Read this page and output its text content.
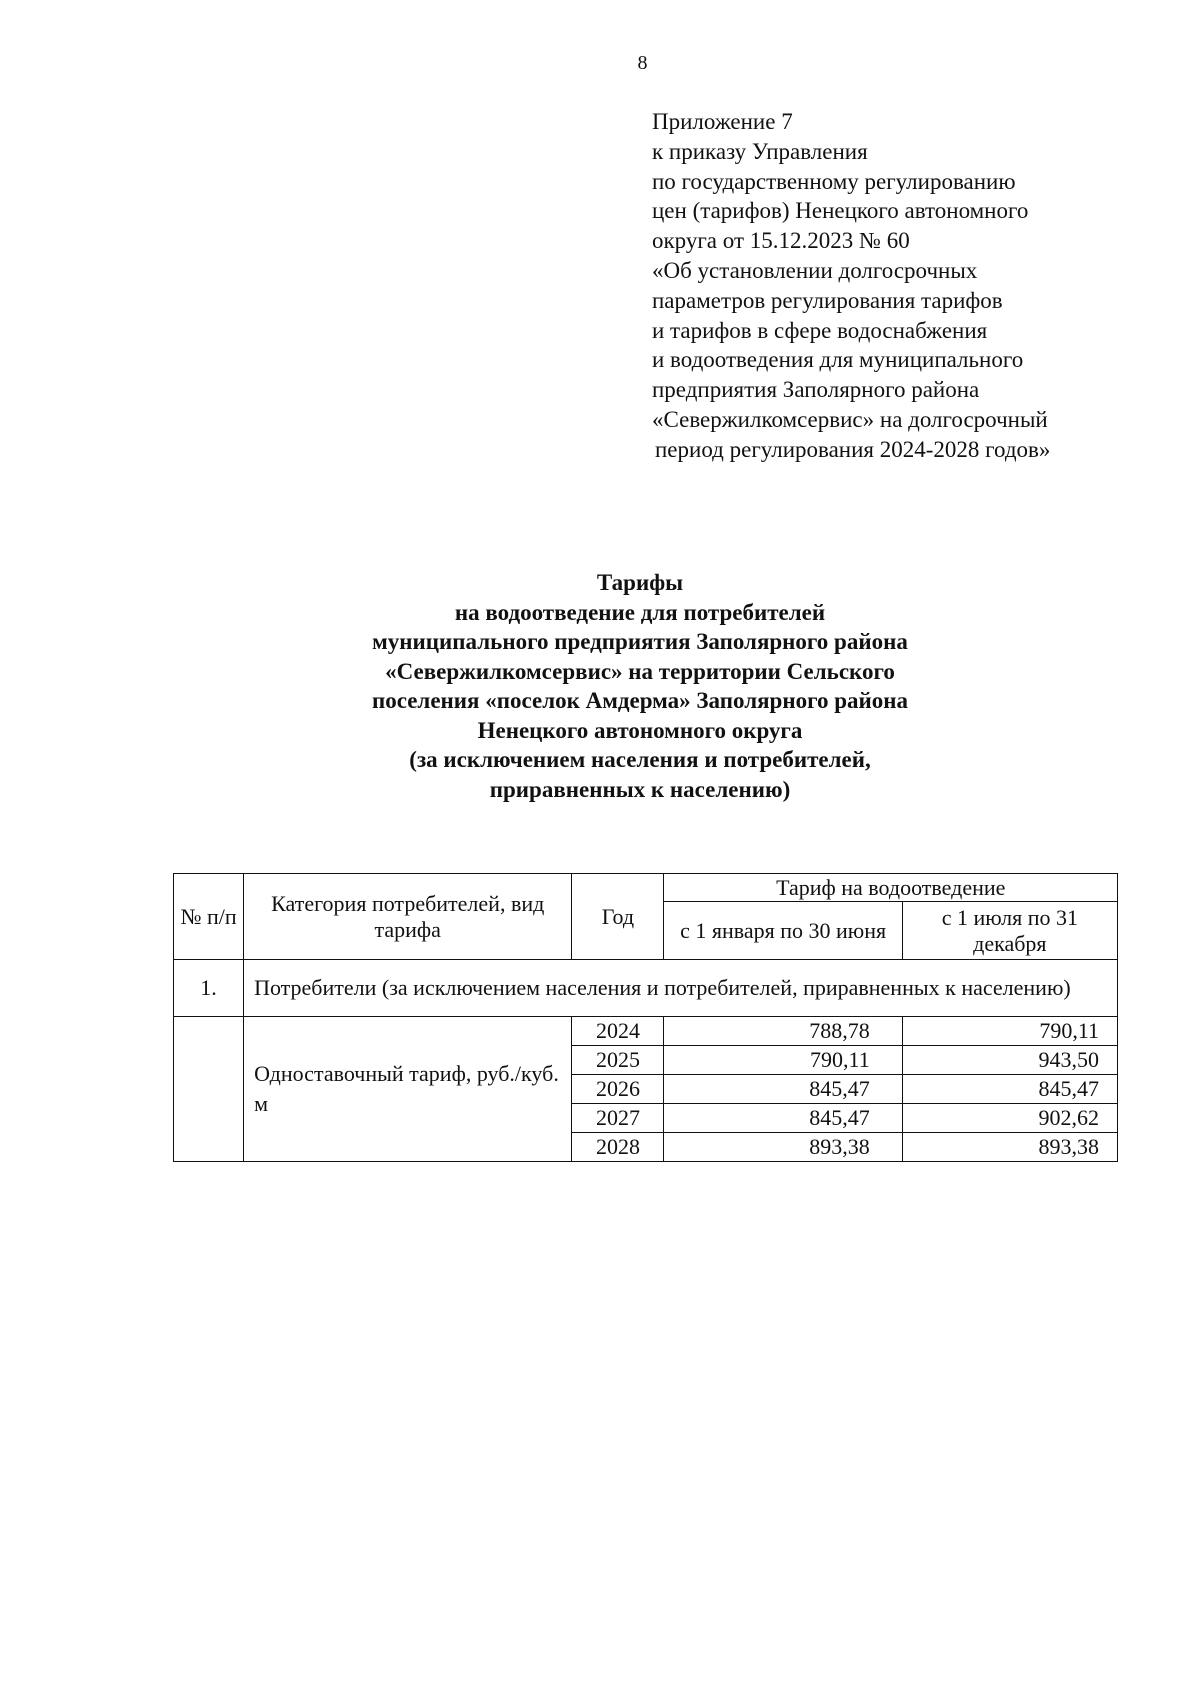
8
Приложение 7
к приказу Управления
по государственному регулированию
цен (тарифов) Ненецкого автономного
округа от 15.12.2023 № 60
«Об установлении долгосрочных
параметров регулирования тарифов
и тарифов в сфере водоснабжения
и водоотведения для муниципального
предприятия Заполярного района
«Севержилкомсервис» на долгосрочный
период регулирования 2024-2028 годов»
Тарифы
на водоотведение для потребителей
муниципального предприятия Заполярного района
«Севержилкомсервис» на территории Сельского
поселения «поселок Амдерма» Заполярного района
Ненецкого автономного округа
(за исключением населения и потребителей,
приравненных к населению)
№ п/п	Категория потребителей, вид тарифа	Год	Тариф на водоотведение	
			с 1 января по 30 июня	с 1 июля по 31 декабря
1.	Потребители (за исключением населения и потребителей, приравненных к населению)			
	Одноставочный тариф, руб./куб. м	2024	788,78	790,11
		2025	790,11	943,50
		2026	845,47	845,47
		2027	845,47	902,62
		2028	893,38	893,38
